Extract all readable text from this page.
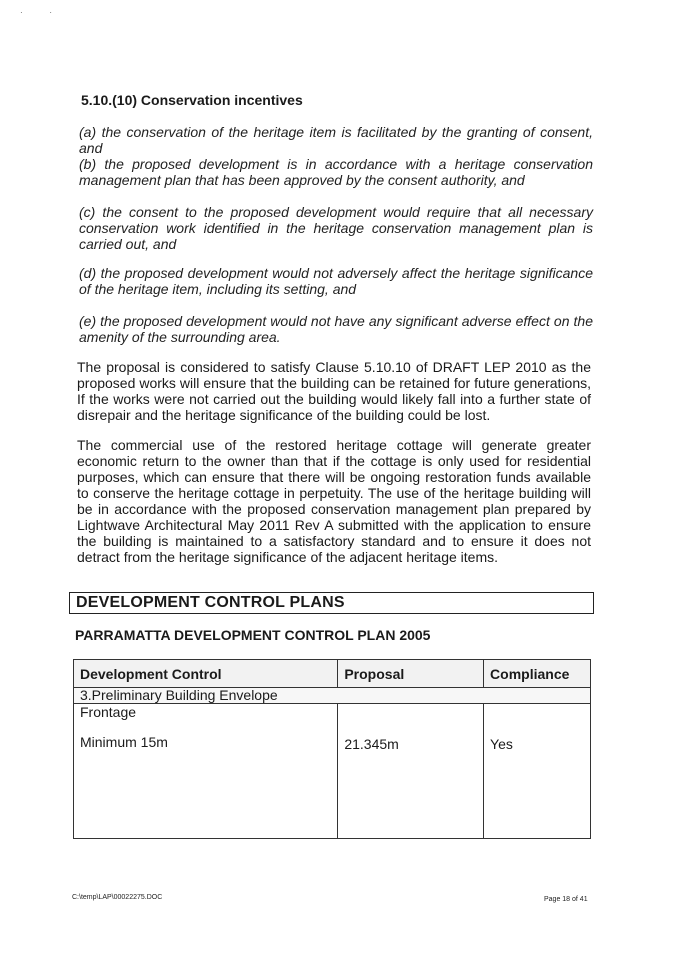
·            ·
5.10.(10) Conservation incentives

(a) the conservation of the heritage item is facilitated by the granting of consent, and

(b) the proposed development is in accordance with a heritage conservation management plan that has been approved by the consent authority, and

(c) the consent to the proposed development would require that all necessary conservation work identified in the heritage conservation management plan is carried out, and

(d) the proposed development would not adversely affect the heritage significance of the heritage item, including its setting, and

(e) the proposed development would not have any significant adverse effect on the amenity of the surrounding area.

The proposal is considered to satisfy Clause 5.10.10 of DRAFT LEP 2010 as the proposed works will ensure that the building can be retained for future generations, If the works were not carried out the building would likely fall into a further state of disrepair and the heritage significance of the building could be lost.

The commercial use of the restored heritage cottage will generate greater economic return to the owner than that if the cottage is only used for residential purposes, which can ensure that there will be ongoing restoration funds available to conserve the heritage cottage in perpetuity. The use of the heritage building will be in accordance with the proposed conservation management plan prepared by Lightwave Architectural May 2011 Rev A submitted with the application to ensure the building is maintained to a satisfactory standard and to ensure it does not detract from the heritage significance of the adjacent heritage items.

DEVELOPMENT CONTROL PLANS
PARRAMATTA DEVELOPMENT CONTROL PLAN 2005
Development Control	Proposal	Compliance
3.Preliminary Building Envelope		

Frontage
Minimum 15m	21.345m	Yes
C:\temp\LAP\00022275.DOC	Page 18 of 41
